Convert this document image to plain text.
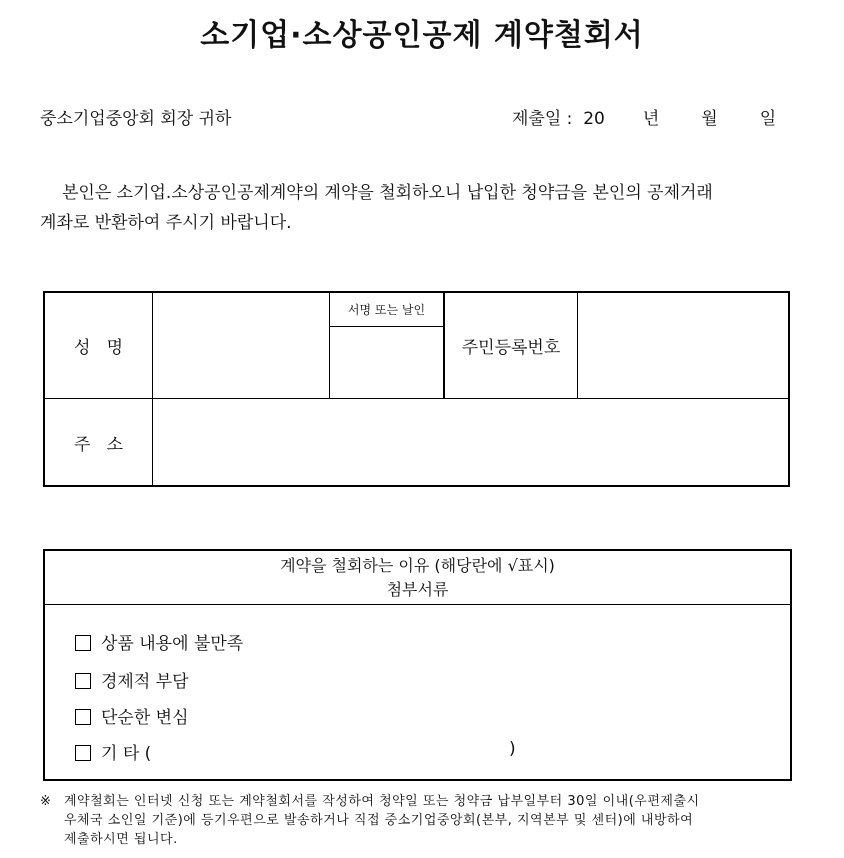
소기업·소상공인공제 계약철회서
중소기업중앙회 회장 귀하	제출일 : 20 년 월 일
본인은 소기업.소상공인공제계약의 계약을 철회하오니 납입한 청약금을 본인의 공제거래
계좌로 반환하여 주시기 바랍니다.
성   명
서명 또는 날인
주민등록번호
주   소
계약을 철회하는 이유 (해당란에 √표시)
첨부서류
상품 내용에 불만족
경제적 부담
단순한 변심
기 타 (	)
※ 계약철회는 인터넷 신청 또는 계약철회서를 작성하여 청약일 또는 청약금 납부일부터 30일 이내(우편제출시
우체국 소인일 기준)에 등기우편으로 발송하거나 직접 중소기업중앙회(본부, 지역본부 및 센터)에 내방하여
제출하시면 됩니다.
